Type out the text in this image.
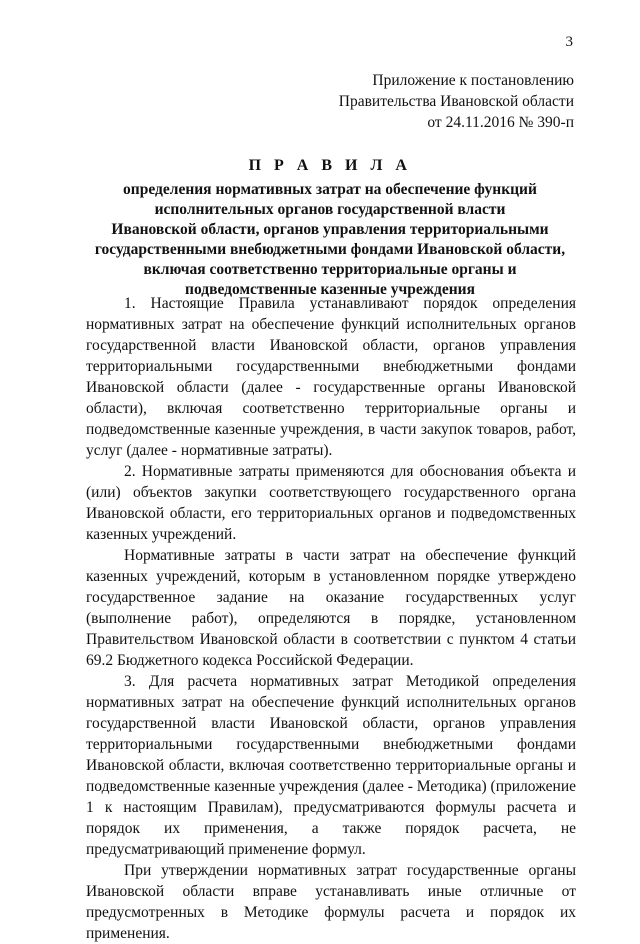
3
Приложение к постановлению
Правительства Ивановской области
от 24.11.2016 № 390-п
П Р А В И Л А
определения нормативных затрат на обеспечение функций
исполнительных органов государственной власти
Ивановской области, органов управления территориальными
государственными внебюджетными фондами Ивановской области,
включая соответственно территориальные органы и
подведомственные казенные учреждения

1. Настоящие Правила устанавливают порядок определения нормативных затрат на обеспечение функций исполнительных органов государственной власти Ивановской области, органов управления территориальными государственными внебюджетными фондами Ивановской области (далее - государственные органы Ивановской области), включая соответственно территориальные органы и подведомственные казенные учреждения, в части закупок товаров, работ, услуг (далее - нормативные затраты).

2. Нормативные затраты применяются для обоснования объекта и (или) объектов закупки соответствующего государственного органа Ивановской области, его территориальных органов и подведомственных казенных учреждений.

Нормативные затраты в части затрат на обеспечение функций казенных учреждений, которым в установленном порядке утверждено государственное задание на оказание государственных услуг (выполнение работ), определяются в порядке, установленном Правительством Ивановской области в соответствии с пунктом 4 статьи 69.2 Бюджетного кодекса Российской Федерации.

3. Для расчета нормативных затрат Методикой определения нормативных затрат на обеспечение функций исполнительных органов государственной власти Ивановской области, органов управления территориальными государственными внебюджетными фондами Ивановской области, включая соответственно территориальные органы и подведомственные казенные учреждения (далее - Методика) (приложение 1 к настоящим Правилам), предусматриваются формулы расчета и порядок их применения, а также порядок расчета, не предусматривающий применение формул.

При утверждении нормативных затрат государственные органы Ивановской области вправе устанавливать иные отличные от предусмотренных в Методике формулы расчета и порядок их применения.
